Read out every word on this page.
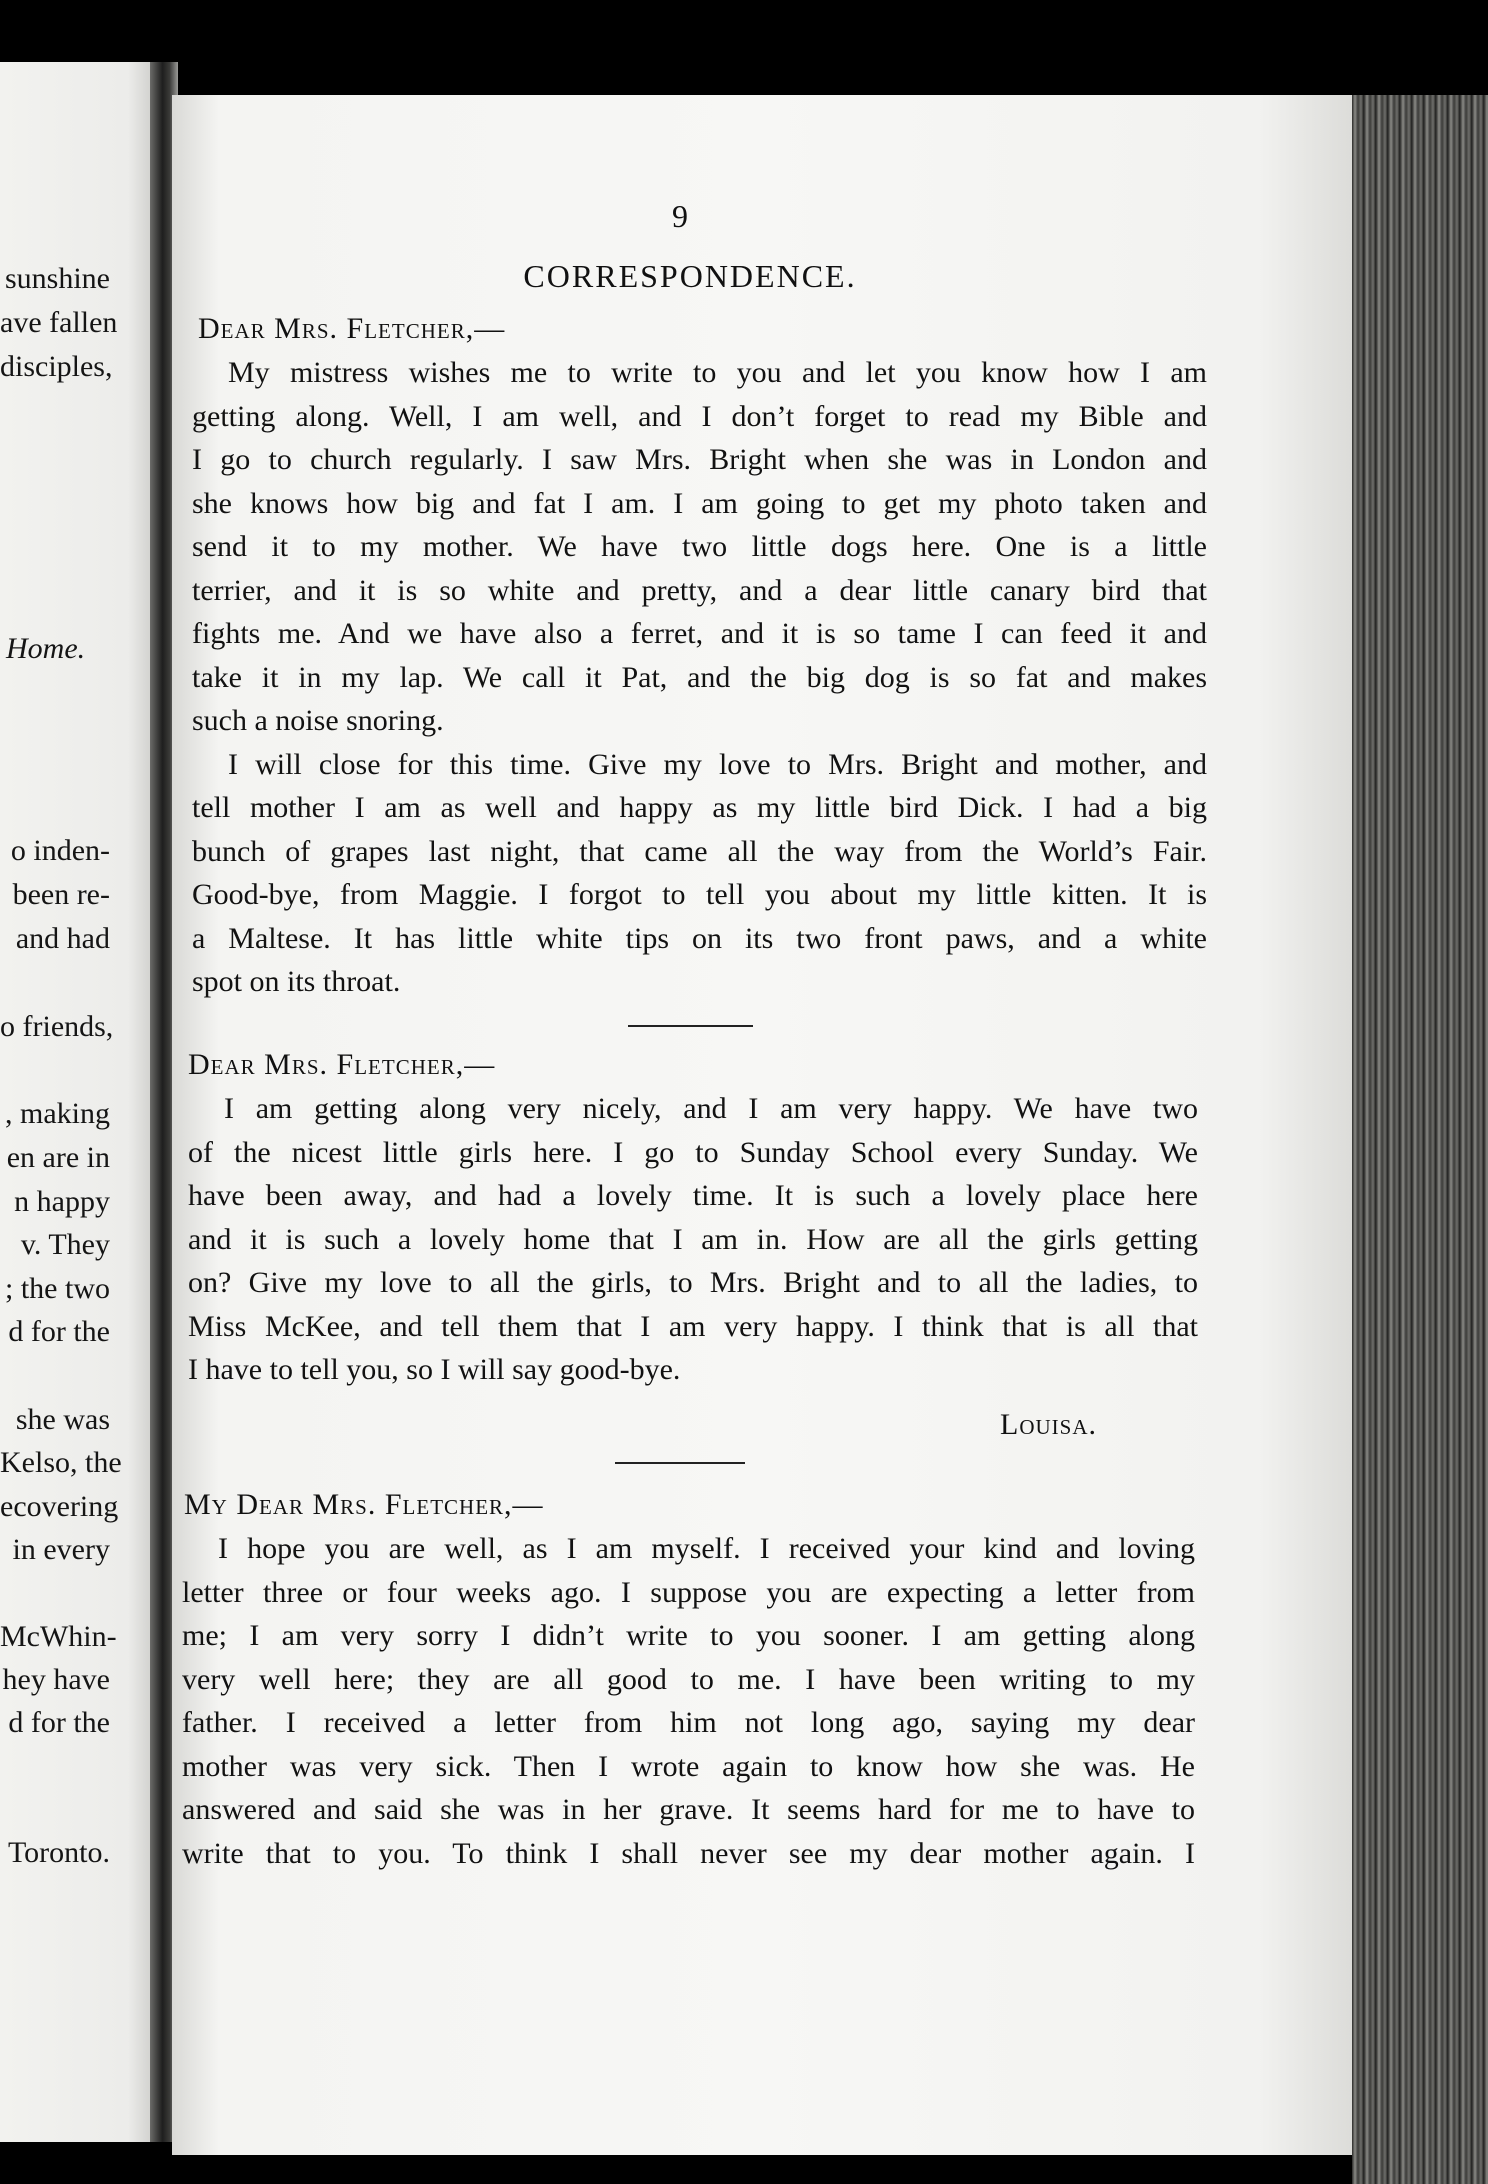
sunshine
ave fallen
disciples,
Home.
o inden-
been re-
and had
o friends,
, making
en are in
n happy
v. They
; the two
d for the
she was
Kelso, the
ecovering
in every
McWhin-
hey have
d for the
Toronto.
9
CORRESPONDENCE.
Dear Mrs. Fletcher,—
My mistress wishes me to write to you and let you know how I am
getting along. Well, I am well, and I don’t forget to read my Bible and
I go to church regularly. I saw Mrs. Bright when she was in London and
she knows how big and fat I am. I am going to get my photo taken and
send it to my mother. We have two little dogs here. One is a little
terrier, and it is so white and pretty, and a dear little canary bird that
fights me. And we have also a ferret, and it is so tame I can feed it and
take it in my lap. We call it Pat, and the big dog is so fat and makes
such a noise snoring.
I will close for this time. Give my love to Mrs. Bright and mother, and
tell mother I am as well and happy as my little bird Dick. I had a big
bunch of grapes last night, that came all the way from the World’s Fair.
Good-bye, from Maggie. I forgot to tell you about my little kitten. It is
a Maltese. It has little white tips on its two front paws, and a white
spot on its throat.
Dear Mrs. Fletcher,—
I am getting along very nicely, and I am very happy. We have two
of the nicest little girls here. I go to Sunday School every Sunday. We
have been away, and had a lovely time. It is such a lovely place here
and it is such a lovely home that I am in. How are all the girls getting
on? Give my love to all the girls, to Mrs. Bright and to all the ladies, to
Miss McKee, and tell them that I am very happy. I think that is all that
I have to tell you, so I will say good-bye.
Louisa.
My Dear Mrs. Fletcher,—
I hope you are well, as I am myself. I received your kind and loving
letter three or four weeks ago. I suppose you are expecting a letter from
me; I am very sorry I didn’t write to you sooner. I am getting along
very well here; they are all good to me. I have been writing to my
father. I received a letter from him not long ago, saying my dear
mother was very sick. Then I wrote again to know how she was. He
answered and said she was in her grave. It seems hard for me to have to
write that to you. To think I shall never see my dear mother again. I
